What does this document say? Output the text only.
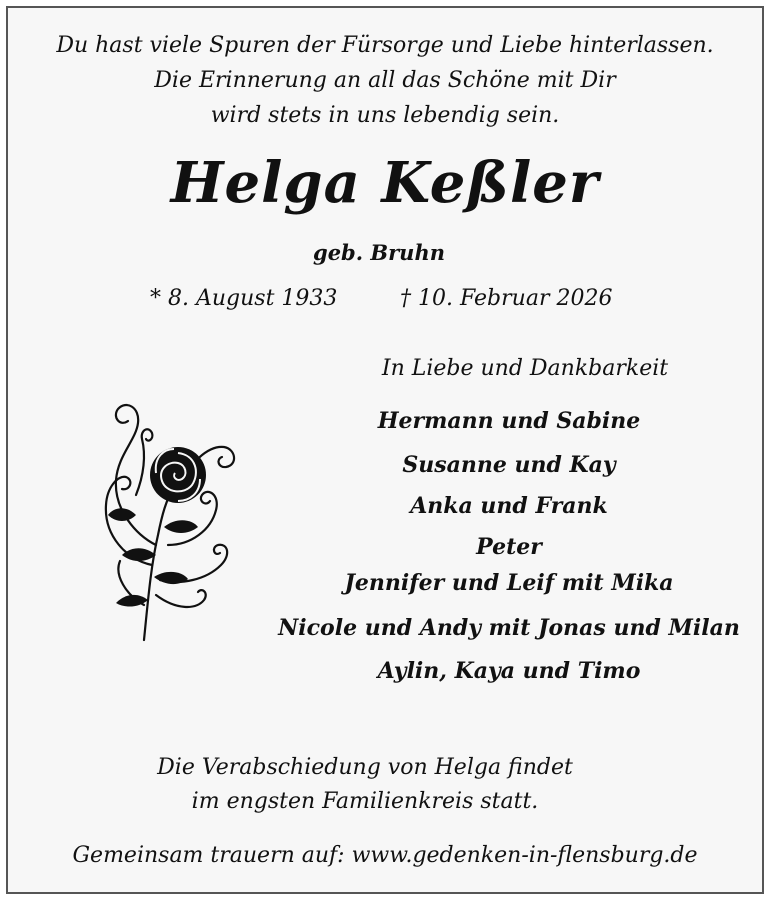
Du hast viele Spuren der Fürsorge und Liebe hinterlassen.
Die Erinnerung an all das Schöne mit Dir
wird stets in uns lebendig sein.
Helga Keßler
geb. Bruhn
* 8. August 1933	† 10. Februar 2026
In Liebe und Dankbarkeit
Hermann und Sabine
Susanne und Kay
Anka und Frank
Peter
Jennifer und Leif mit Mika
Nicole und Andy mit Jonas und Milan
Aylin, Kaya und Timo
Die Verabschiedung von Helga findet
im engsten Familienkreis statt.
Gemeinsam trauern auf: www.gedenken-in-flensburg.de
